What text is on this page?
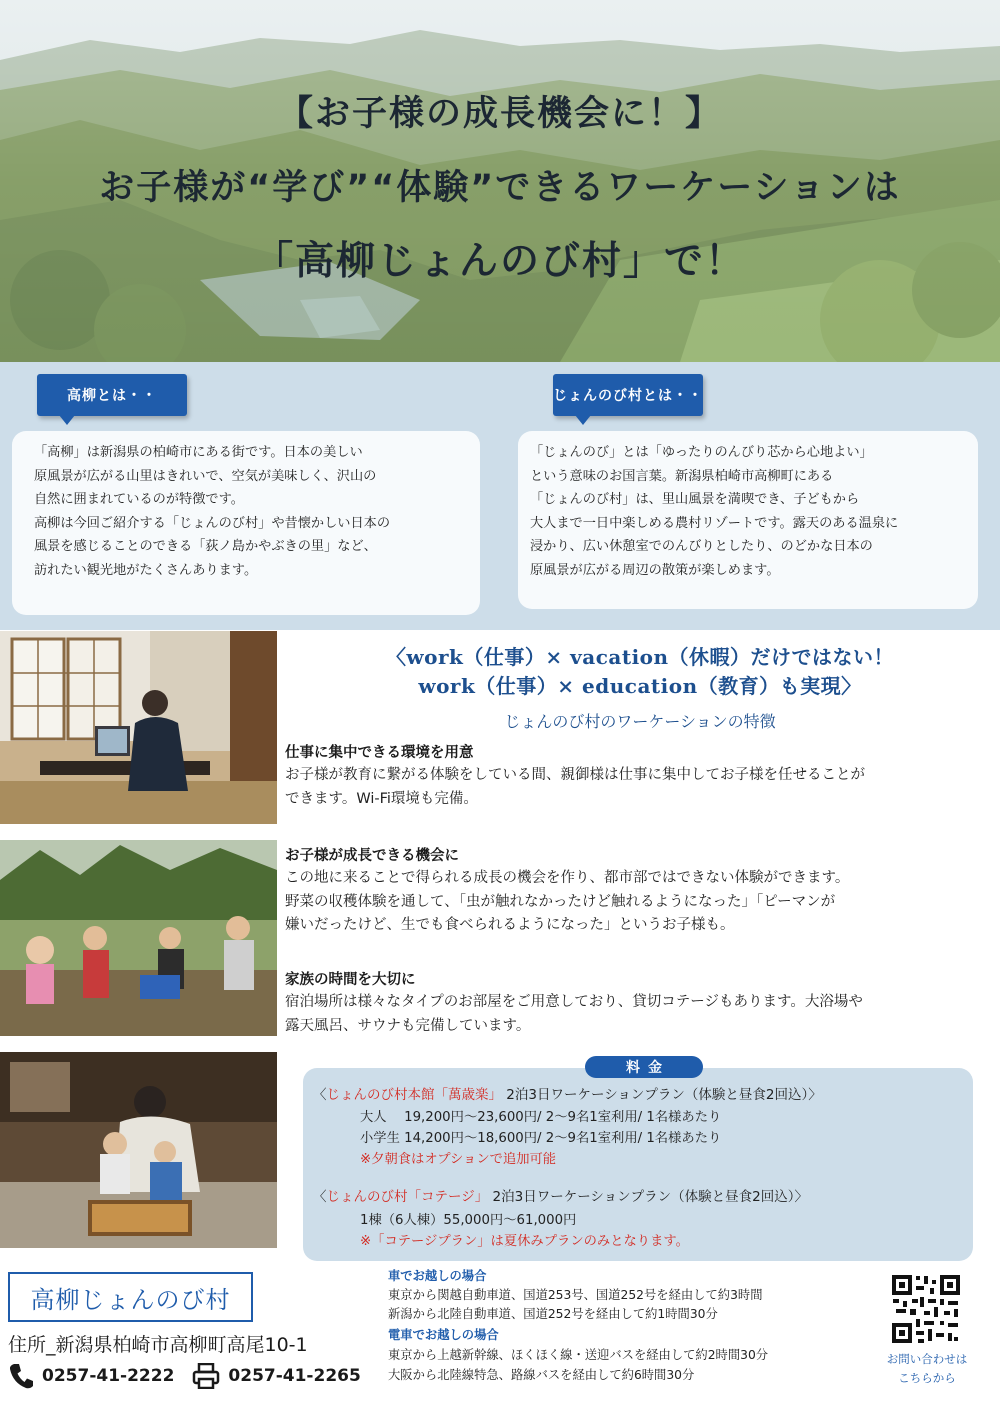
【お子様の成長機会に！】
お子様が“学び”“体験”できるワーケーションは
「高柳じょんのび村」で！
高柳とは・・	じょんのび村とは・・

「高柳」は新潟県の柏崎市にある街です。日本の美しい

原風景が広がる山里はきれいで、空気が美味しく、沢山の

自然に囲まれているのが特徴です。

高柳は今回ご紹介する「じょんのび村」や昔懐かしい日本の

風景を感じることのできる「荻ノ島かやぶきの里」など、

訪れたい観光地がたくさんあります。

「じょんのび」とは「ゆったりのんびり芯から心地よい」

という意味のお国言葉。新潟県柏崎市高柳町にある

「じょんのび村」は、里山風景を満喫でき、子どもから

大人まで一日中楽しめる農村リゾートです。露天のある温泉に

浸かり、広い休憩室でのんびりとしたり、のどかな日本の

原風景が広がる周辺の散策が楽しめます。

〈work（仕事）× vacation（休暇）だけではない！
work（仕事）× education（教育）も実現〉
じょんのび村のワーケーションの特徴
仕事に集中できる環境を用意

お子様が教育に繋がる体験をしている間、親御様は仕事に集中してお子様を任せることが

できます。Wi-Fi環境も完備。

お子様が成長できる機会に

この地に来ることで得られる成長の機会を作り、都市部ではできない体験ができます。

野菜の収穫体験を通して、「虫が触れなかったけど触れるようになった」「ピーマンが

嫌いだったけど、生でも食べられるようになった」というお子様も。

家族の時間を大切に

宿泊場所は様々なタイプのお部屋をご用意しており、貸切コテージもあります。大浴場や

露天風呂、サウナも完備しています。

料金
〈じょんのび村本館「萬歳楽」 2泊3日ワーケーションプラン（体験と昼食2回込）〉
大人　 19,200円～23,600円/ 2～9名1室利用/ 1名様あたり
小学生 14,200円～18,600円/ 2～9名1室利用/ 1名様あたり
※夕朝食はオプションで追加可能
〈じょんのび村「コテージ」 2泊3日ワーケーションプラン（体験と昼食2回込）〉
1棟（6人棟）55,000円～61,000円
※「コテージプラン」は夏休みプランのみとなります。
高柳じょんのび村
住所_新潟県柏崎市高柳町高尾10-1
0257-41-2222	0257-41-2265
車でお越しの場合
東京から関越自動車道、国道253号、国道252号を経由して約3時間
新潟から北陸自動車道、国道252号を経由して約1時間30分
電車でお越しの場合
東京から上越新幹線、ほくほく線・送迎バスを経由して約2時間30分
大阪から北陸線特急、路線バスを経由して約6時間30分
お問い合わせは
こちらから
